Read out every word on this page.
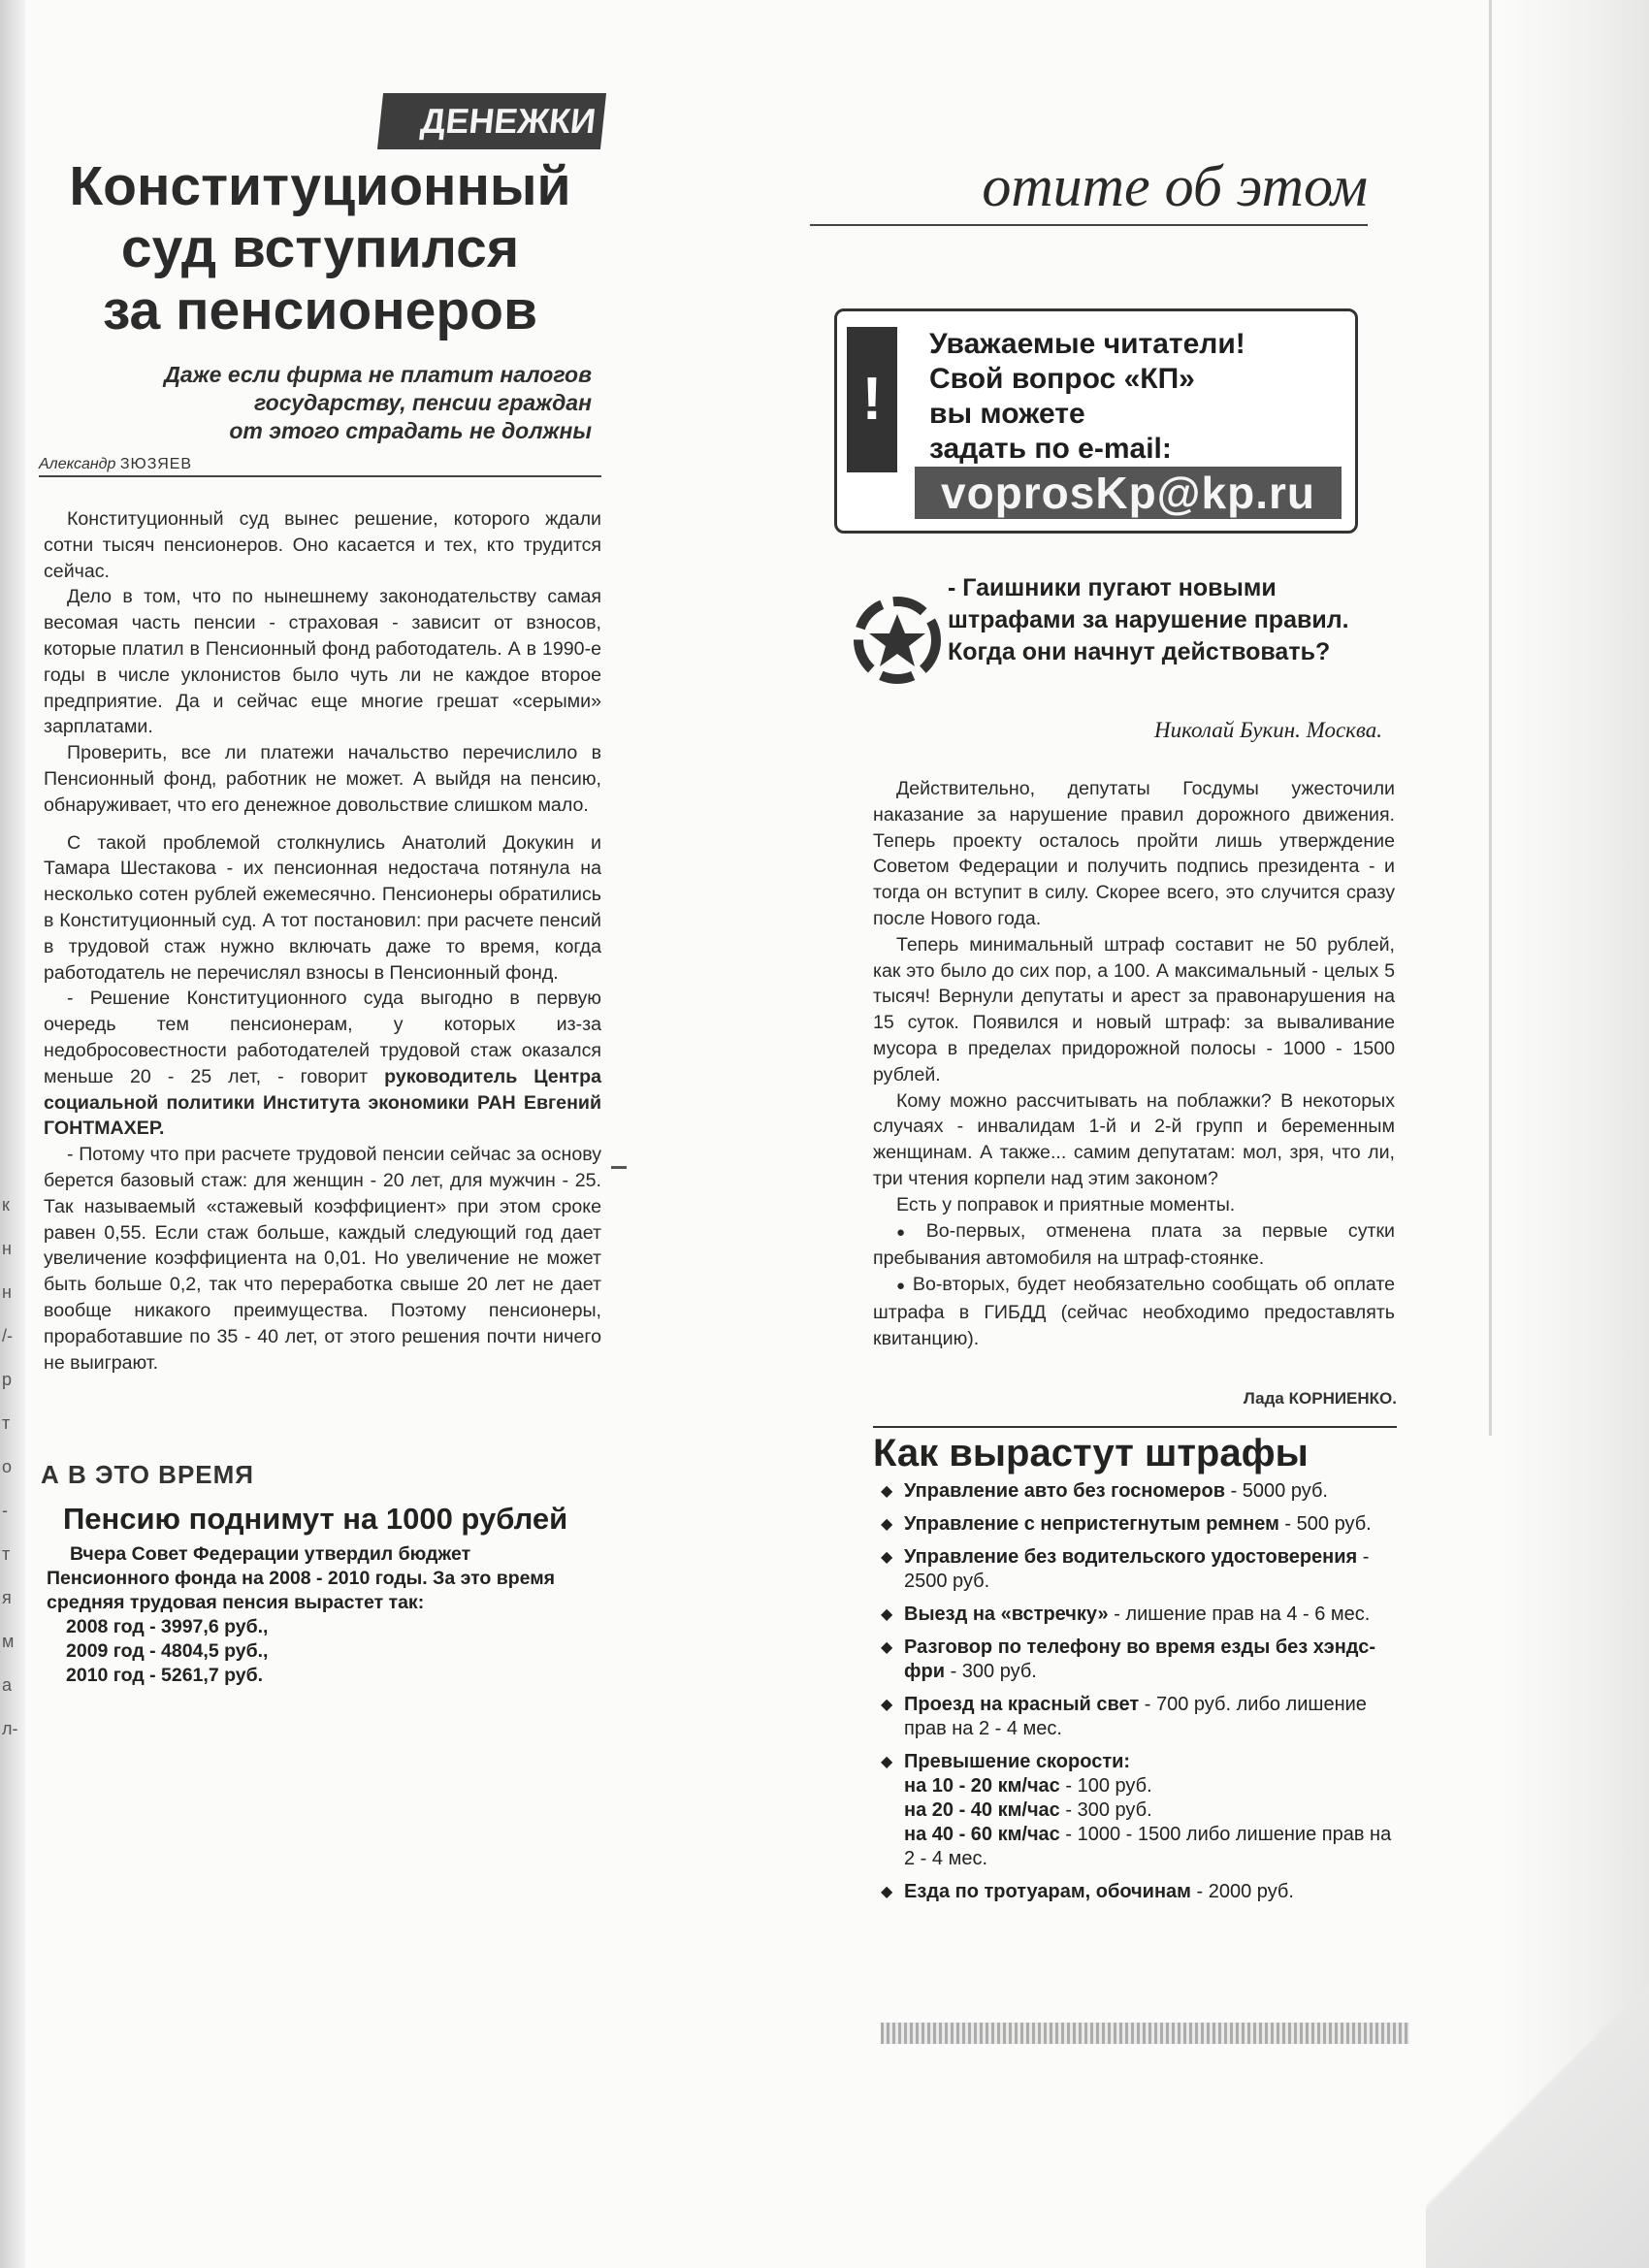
к
н
н
/-
р
т
о
-
т
я
м
а
л-
ДЕНЕЖКИ
Конституционный
суд вступился
за пенсионеров
Даже если фирма не платит налогов
государству, пенсии граждан
от этого страдать не должны
Александр ЗЮЗЯЕВ

Конституционный суд вынес решение, которого ждали сотни тысяч пенсионеров. Оно касается и тех, кто трудится сейчас.

Дело в том, что по нынешнему законодательству самая весомая часть пенсии - страховая - зависит от взносов, которые платил в Пенсионный фонд работодатель. А в 1990-е годы в числе уклонистов было чуть ли не каждое второе предприятие. Да и сейчас еще многие грешат «серыми» зарплатами.

Проверить, все ли платежи начальство перечислило в Пенсионный фонд, работник не может. А выйдя на пенсию, обнаруживает, что его денежное довольствие слишком мало.

С такой проблемой столкнулись Анатолий Докукин и Тамара Шестакова - их пенсионная недостача потянула на несколько сотен рублей ежемесячно. Пенсионеры обратились в Конституционный суд. А тот постановил: при расчете пенсий в трудовой стаж нужно включать даже то время, когда работодатель не перечислял взносы в Пенсионный фонд.

- Решение Конституционного суда выгодно в первую очередь тем пенсионерам, у которых из-за недобросовестности работодателей трудовой стаж оказался меньше 20 - 25 лет, - говорит руководитель Центра социальной политики Института экономики РАН Евгений ГОНТМАХЕР.

- Потому что при расчете трудовой пенсии сейчас за основу берется базовый стаж: для женщин - 20 лет, для мужчин - 25. Так называемый «стажевый коэффициент» при этом сроке равен 0,55. Если стаж больше, каждый следующий год дает увеличение коэффициента на 0,01. Но увеличение не может быть больше 0,2, так что переработка свыше 20 лет не дает вообще никакого преимущества. Поэтому пенсионеры, проработавшие по 35 - 40 лет, от этого решения почти ничего не выиграют.

А В ЭТО ВРЕМЯ
Пенсию поднимут на 1000 рублей

Вчера Совет Федерации утвердил бюджет Пенсионного фонда на 2008 - 2010 годы. За это время средняя трудовая пенсия вырастет так:

2008 год - 3997,6 руб.,
2009 год - 4804,5 руб.,
2010 год - 5261,7 руб.
отите об этом
!
Уважаемые читатели!
Свой вопрос «КП»
вы можете
задать по e-mail:
voprosKp@kp.ru
- Гаишники пугают новыми штрафами за нарушение правил. Когда они начнут действовать?
Николай Букин. Москва.

Действительно, депутаты Госдумы ужесточили наказание за нарушение правил дорожного движения. Теперь проекту осталось пройти лишь утверждение Советом Федерации и получить подпись президента - и тогда он вступит в силу. Скорее всего, это случится сразу после Нового года.

Теперь минимальный штраф составит не 50 рублей, как это было до сих пор, а 100. А максимальный - целых 5 тысяч! Вернули депутаты и арест за правонарушения на 15 суток. Появился и новый штраф: за вываливание мусора в пределах придорожной полосы - 1000 - 1500 рублей.

Кому можно рассчитывать на поблажки? В некоторых случаях - инвалидам 1-й и 2-й групп и беременным женщинам. А также... самим депутатам: мол, зря, что ли, три чтения корпели над этим законом?

Есть у поправок и приятные моменты.

● Во-первых, отменена плата за первые сутки пребывания автомобиля на штраф-стоянке.

● Во-вторых, будет необязательно сообщать об оплате штрафа в ГИБДД (сейчас необходимо предоставлять квитанцию).

Лада КОРНИЕНКО.
Как вырастут штрафы
◆ Управление авто без госномеров - 5000 руб.
◆ Управление с непристегнутым ремнем - 500 руб.
◆ Управление без водительского удостоверения - 2500 руб.
◆ Выезд на «встречку» - лишение прав на 4 - 6 мес.
◆ Разговор по телефону во время езды без хэндс-фри - 300 руб.
◆ Проезд на красный свет - 700 руб. либо лишение прав на 2 - 4 мес.
◆ Превышение скорости:
на 10 - 20 км/час - 100 руб.
на 20 - 40 км/час - 300 руб.
на 40 - 60 км/час - 1000 - 1500 либо лишение прав на 2 - 4 мес.
◆ Езда по тротуарам, обочинам - 2000 руб.
